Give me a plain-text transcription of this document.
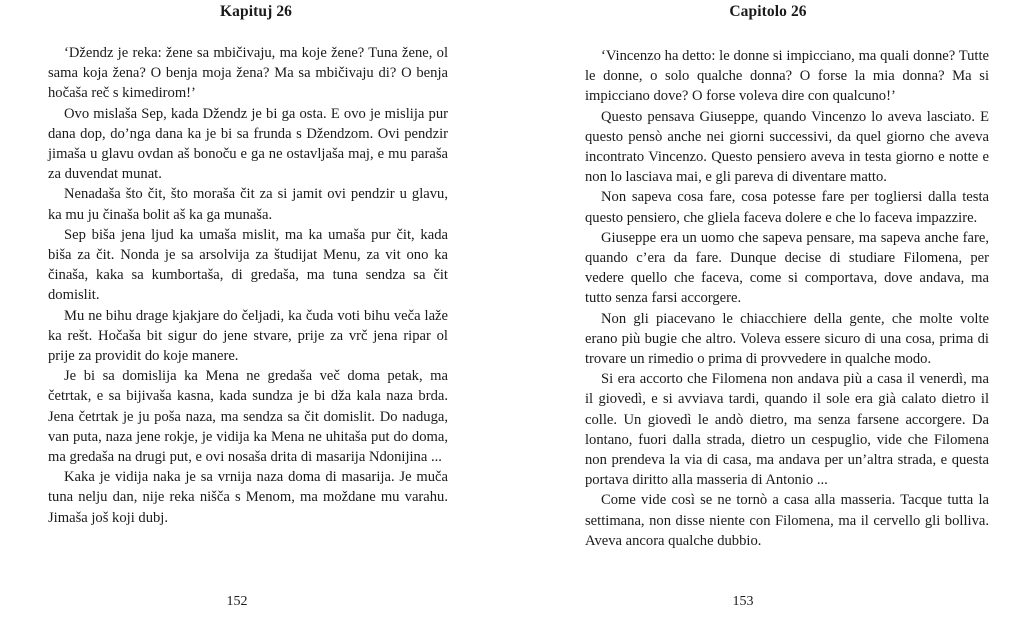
Kapituj 26

‘Džendz je reka: žene sa mbičivaju, ma koje žene? Tuna žene, ol sama koja žena? O benja moja žena? Ma sa mbičivaju di? O benja hočaša reč s kimedirom!’

Ovo mislaša Sep, kada Džendz je bi ga osta. E ovo je mislija pur dana dop, do’nga dana ka je bi sa frunda s Džendzom. Ovi pendzir jimaša u glavu ovdan aš bonoču e ga ne ostavljaša maj, e mu paraša za duvendat munat.

Nenadaša što čit, što moraša čit za si jamit ovi pendzir u glavu, ka mu ju činaša bolit aš ka ga munaša.

Sep biša jena ljud ka umaša mislit, ma ka umaša pur čit, kada biša za čit. Nonda je sa arsolvija za študijat Menu, za vit ono ka činaša, kaka sa kumbortaša, di gredaša, ma tuna sendza sa čit domislit.

Mu ne bihu drage kjakjare do čeljadi, ka čuda voti bihu veča laže ka rešt. Hočaša bit sigur do jene stvare, prije za vrč jena ripar ol prije za providit do koje manere.

Je bi sa domislija ka Mena ne gredaša več doma petak, ma četrtak, e sa bijivaša kasna, kada sundza je bi dža kala naza brda. Jena četrtak je ju poša naza, ma sendza sa čit domislit. Do naduga, van puta, naza jene rokje, je vidija ka Mena ne uhitaša put do doma, ma gredaša na drugi put, e ovi nosaša drita di masarija Ndonijina ...

Kaka je vidija naka je sa vrnija naza doma di masarija. Je muča tuna nelju dan, nije reka nišča s Menom, ma moždane mu varahu. Jimaša još koji dubj.

152
Capitolo 26

‘Vincenzo ha detto: le donne si impicciano, ma quali donne? Tutte le donne, o solo qualche donna? O forse la mia donna? Ma si impicciano dove? O forse voleva dire con qualcuno!’

Questo pensava Giuseppe, quando Vincenzo lo aveva lasciato. E questo pensò anche nei giorni successivi, da quel giorno che aveva incontrato Vincenzo. Questo pensiero aveva in testa giorno e notte e non lo lasciava mai, e gli pareva di diventare matto.

Non sapeva cosa fare, cosa potesse fare per togliersi dalla testa questo pensiero, che gliela faceva dolere e che lo faceva impazzire.

Giuseppe era un uomo che sapeva pensare, ma sapeva anche fare, quando c’era da fare. Dunque decise di studiare Filomena, per vedere quello che faceva, come si comportava, dove andava, ma tutto senza farsi accorgere.

Non gli piacevano le chiacchiere della gente, che molte volte erano più bugie che altro. Voleva essere sicuro di una cosa, prima di trovare un rimedio o prima di provvedere in qualche modo.

Si era accorto che Filomena non andava più a casa il venerdì, ma il giovedì, e si avviava tardi, quando il sole era già calato dietro il colle. Un giovedì le andò dietro, ma senza farsene accorgere. Da lontano, fuori dalla strada, dietro un cespuglio, vide che Filomena non prendeva la via di casa, ma andava per un’altra strada, e questa portava diritto alla masseria di Antonio ...

Come vide così se ne tornò a casa alla masseria. Tacque tutta la settimana, non disse niente con Filomena, ma il cervello gli bolliva. Aveva ancora qualche dubbio.

153
